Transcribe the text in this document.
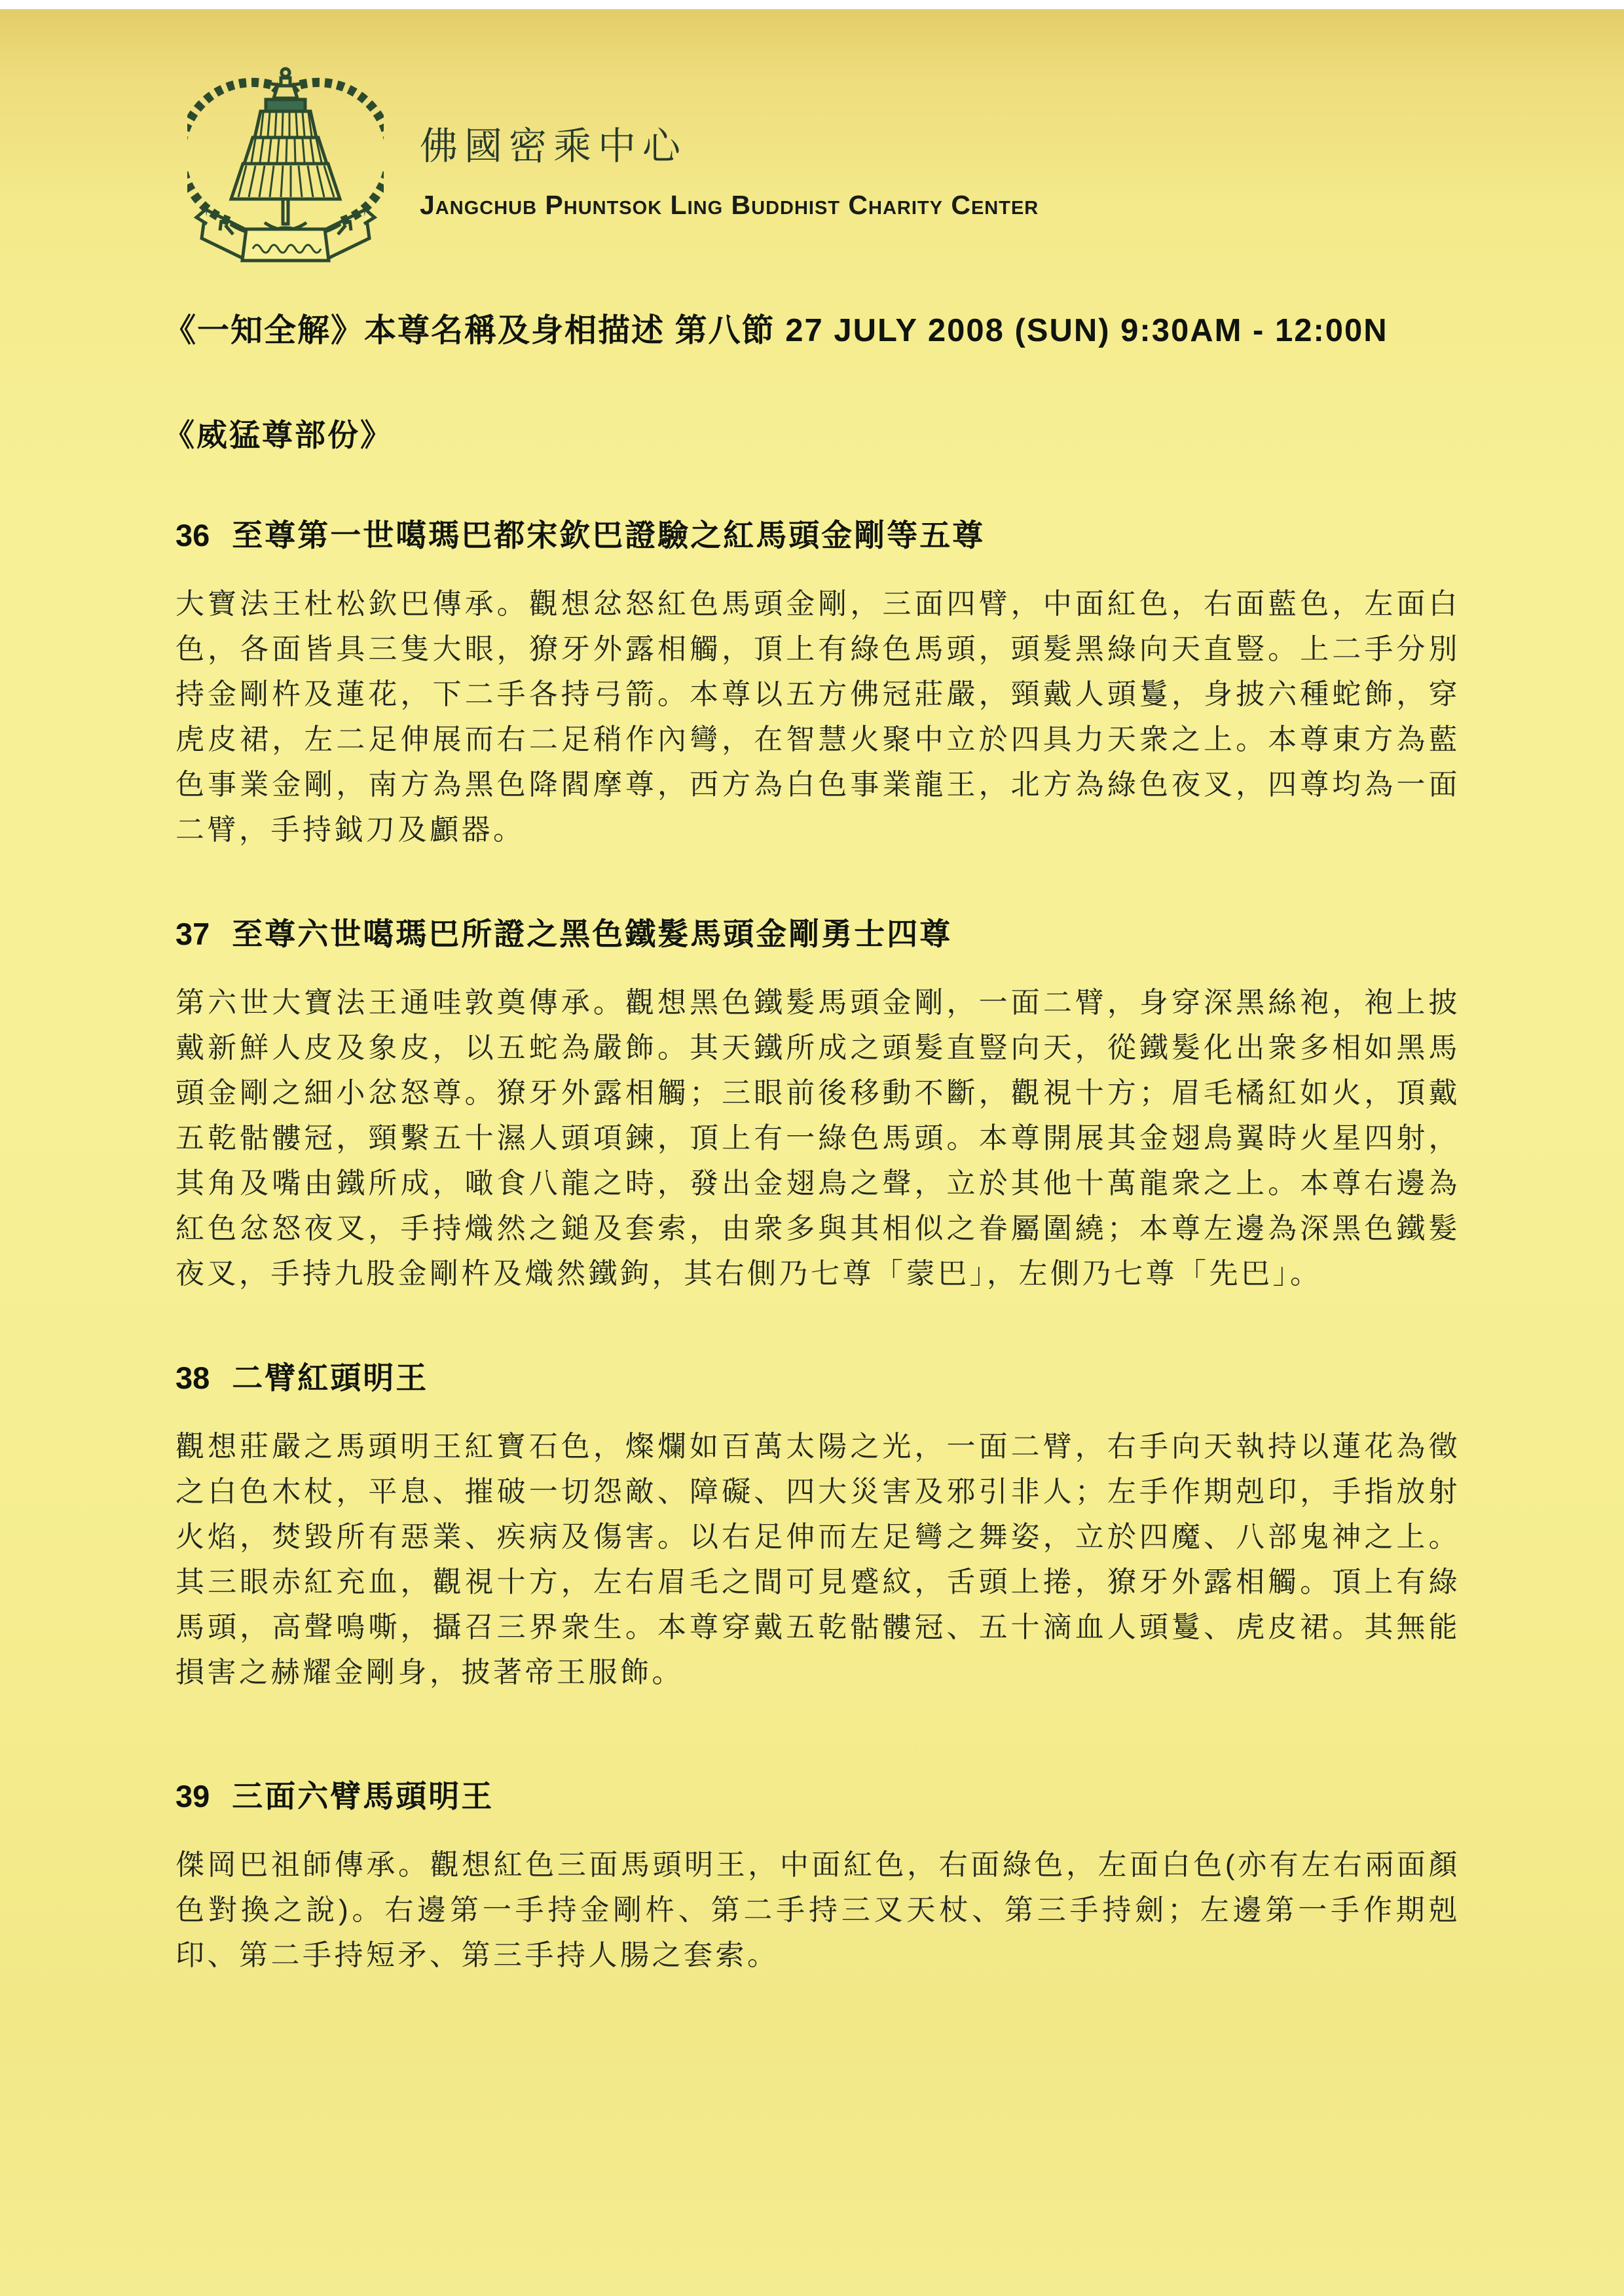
佛國密乘中心
Jangchub Phuntsok Ling Buddhist Charity Center
《一知全解》本尊名稱及身相描述 第八節 27 JULY 2008 (SUN) 9:30AM - 12:00N
《威猛尊部份》
36 至尊第一世噶瑪巴都宋欽巴證驗之紅馬頭金剛等五尊
大寶法王杜松欽巴傳承。觀想忿怒紅色馬頭金剛，三面四臂，中面紅色，右面藍色，左面白色，各面皆具三隻大眼，獠牙外露相觸，頂上有綠色馬頭，頭髮黑綠向天直豎。上二手分別持金剛杵及蓮花，下二手各持弓箭。本尊以五方佛冠莊嚴，頸戴人頭鬘，身披六種蛇飾，穿虎皮裙，左二足伸展而右二足稍作內彎，在智慧火聚中立於四具力天衆之上。本尊東方為藍色事業金剛，南方為黑色降閻摩尊，西方為白色事業龍王，北方為綠色夜叉，四尊均為一面二臂，手持鉞刀及顱器。
37 至尊六世噶瑪巴所證之黑色鐵髮馬頭金剛勇士四尊
第六世大寶法王通哇敦奠傳承。觀想黑色鐵髮馬頭金剛，一面二臂，身穿深黑絲袍，袍上披戴新鮮人皮及象皮，以五蛇為嚴飾。其天鐵所成之頭髮直豎向天，從鐵髮化出衆多相如黑馬頭金剛之細小忿怒尊。獠牙外露相觸；三眼前後移動不斷，觀視十方；眉毛橘紅如火，頂戴五乾骷髏冠，頸繫五十濕人頭項鍊，頂上有一綠色馬頭。本尊開展其金翅鳥翼時火星四射，其角及嘴由鐵所成，噉食八龍之時，發出金翅鳥之聲，立於其他十萬龍衆之上。本尊右邊為紅色忿怒夜叉，手持熾然之鎚及套索，由衆多與其相似之眷屬圍繞；本尊左邊為深黑色鐵髮夜叉，手持九股金剛杵及熾然鐵鉤，其右側乃七尊「蒙巴」，左側乃七尊「先巴」。
38 二臂紅頭明王
觀想莊嚴之馬頭明王紅寶石色，燦爛如百萬太陽之光，一面二臂，右手向天執持以蓮花為徵之白色木杖，平息、摧破一切怨敵、障礙、四大災害及邪引非人；左手作期剋印，手指放射火焰，焚毀所有惡業、疾病及傷害。以右足伸而左足彎之舞姿，立於四魔、八部鬼神之上。其三眼赤紅充血，觀視十方，左右眉毛之間可見蹙紋，舌頭上捲，獠牙外露相觸。頂上有綠馬頭，高聲鳴嘶，攝召三界衆生。本尊穿戴五乾骷髏冠、五十滴血人頭鬘、虎皮裙。其無能損害之赫耀金剛身，披著帝王服飾。
39 三面六臂馬頭明王
傑岡巴祖師傳承。觀想紅色三面馬頭明王，中面紅色，右面綠色，左面白色(亦有左右兩面顏色對換之說)。右邊第一手持金剛杵、第二手持三叉天杖、第三手持劍；左邊第一手作期剋印、第二手持短矛、第三手持人腸之套索。
